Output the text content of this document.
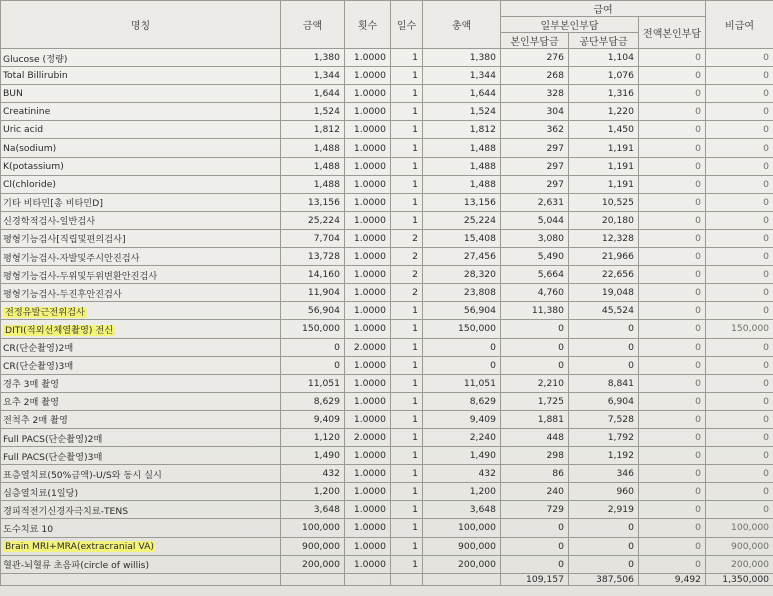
명칭	금액	횟수	일수	총액	급여			비급여
					일부본인부담		전액본인부담	
					본인부담금	공단부담금		
Glucose (정량)	1,380	1.0000	1	1,380	276	1,104	0	0
Total Billirubin	1,344	1.0000	1	1,344	268	1,076	0	0
BUN	1,644	1.0000	1	1,644	328	1,316	0	0
Creatinine	1,524	1.0000	1	1,524	304	1,220	0	0
Uric acid	1,812	1.0000	1	1,812	362	1,450	0	0
Na(sodium)	1,488	1.0000	1	1,488	297	1,191	0	0
K(potassium)	1,488	1.0000	1	1,488	297	1,191	0	0
Cl(chloride)	1,488	1.0000	1	1,488	297	1,191	0	0
기타 비타민[총 비타민D]	13,156	1.0000	1	13,156	2,631	10,525	0	0
신경학적검사-일반검사	25,224	1.0000	1	25,224	5,044	20,180	0	0
평형기능검사[직립및편의검사]	7,704	1.0000	2	15,408	3,080	12,328	0	0
평형기능검사-자발및주시안진검사	13,728	1.0000	2	27,456	5,490	21,966	0	0
평형기능검사-두위및두위변환안진검사	14,160	1.0000	2	28,320	5,664	22,656	0	0
평형기능검사-두진후안진검사	11,904	1.0000	2	23,808	4,760	19,048	0	0
전정유발근전위검사	56,904	1.0000	1	56,904	11,380	45,524	0	0
DITI(적외선체열촬영) 전신	150,000	1.0000	1	150,000	0	0	0	150,000
CR(단순촬영)2매	0	2.0000	1	0	0	0	0	0
CR(단순촬영)3매	0	1.0000	1	0	0	0	0	0
경추 3매 촬영	11,051	1.0000	1	11,051	2,210	8,841	0	0
요추 2매 촬영	8,629	1.0000	1	8,629	1,725	6,904	0	0
전척추 2매 촬영	9,409	1.0000	1	9,409	1,881	7,528	0	0
Full PACS(단순촬영)2매	1,120	2.0000	1	2,240	448	1,792	0	0
Full PACS(단순촬영)3매	1,490	1.0000	1	1,490	298	1,192	0	0
표층열치료(50%금액)-U/S와 동시 실시	432	1.0000	1	432	86	346	0	0
심층열치료(1일당)	1,200	1.0000	1	1,200	240	960	0	0
경피적전기신경자극치료-TENS	3,648	1.0000	1	3,648	729	2,919	0	0
도수치료 10	100,000	1.0000	1	100,000	0	0	0	100,000
Brain MRI+MRA(extracranial VA)	900,000	1.0000	1	900,000	0	0	0	900,000
혈관-뇌혈류 초음파(circle of willis)	200,000	1.0000	1	200,000	0	0	0	200,000
					109,157	387,506	9,492	1,350,000
